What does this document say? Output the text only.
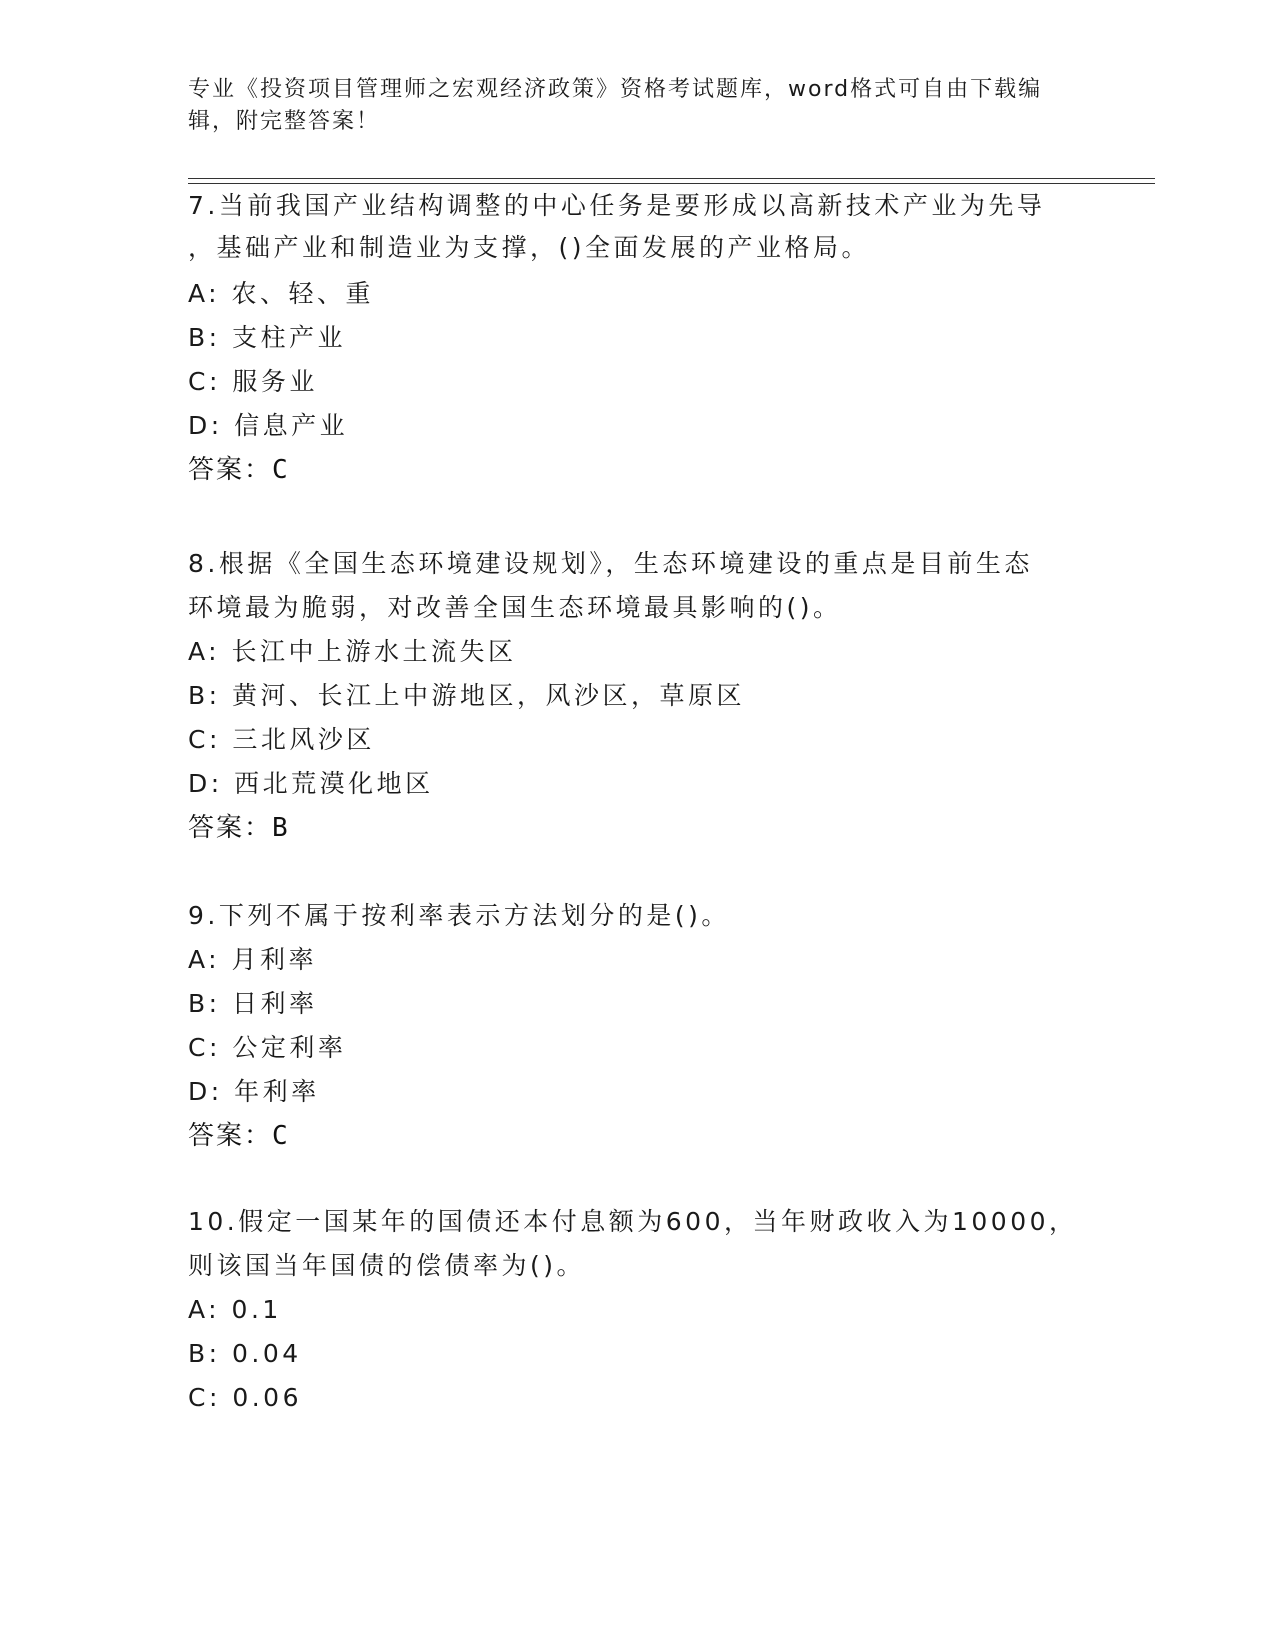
专业《投资项目管理师之宏观经济政策》资格考试题库，word格式可自由下载编辑，附完整答案！
7.当前我国产业结构调整的中心任务是要形成以高新技术产业为先导
，基础产业和制造业为支撑，()全面发展的产业格局。
A: 农、轻、重
B: 支柱产业
C: 服务业
D: 信息产业
答案：C
8.根据《全国生态环境建设规划》，生态环境建设的重点是目前生态
环境最为脆弱，对改善全国生态环境最具影响的()。
A: 长江中上游水土流失区
B: 黄河、长江上中游地区，风沙区，草原区
C: 三北风沙区
D: 西北荒漠化地区
答案：B
9.下列不属于按利率表示方法划分的是()。
A: 月利率
B: 日利率
C: 公定利率
D: 年利率
答案：C
10.假定一国某年的国债还本付息额为600，当年财政收入为10000，
则该国当年国债的偿债率为()。
A: 0.1
B: 0.04
C: 0.06
